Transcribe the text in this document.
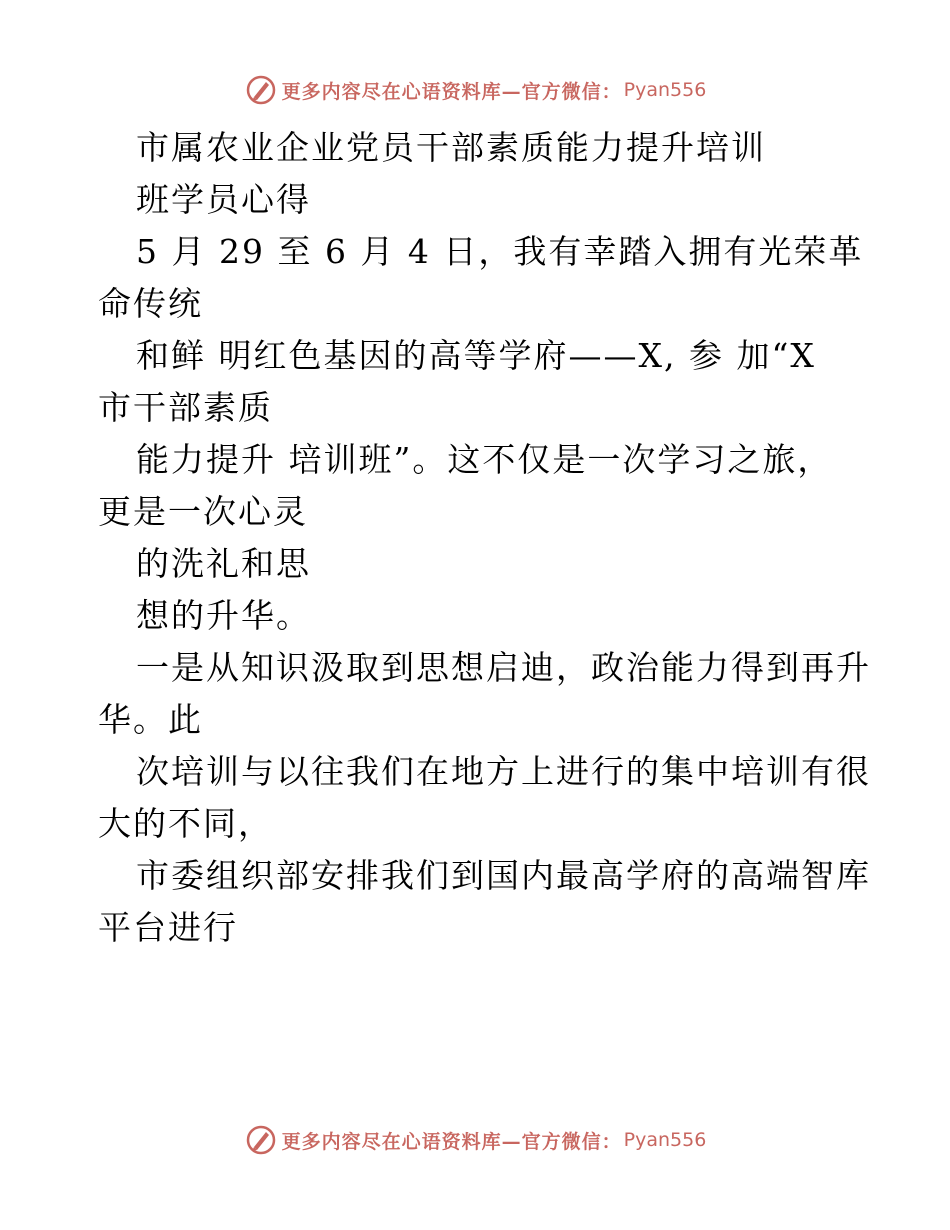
更多内容尽在心语资料库—官方微信： Pyan556
市属农业企业党员干部素质能力提升培训
班学员心得
5 月 29 至 6 月 4 日，我有幸踏入拥有光荣革
命传统
和鲜 明红色基因的高等学府——X, 参 加“X
市干部素质
能力提升 培训班”。这不仅是一次学习之旅，
更是一次心灵
的洗礼和思
想的升华。
一是从知识汲取到思想启迪，政治能力得到再升
华。此
次培训与以往我们在地方上进行的集中培训有很
大的不同，
市委组织部安排我们到国内最高学府的高端智库
平台进行
更多内容尽在心语资料库—官方微信： Pyan556
